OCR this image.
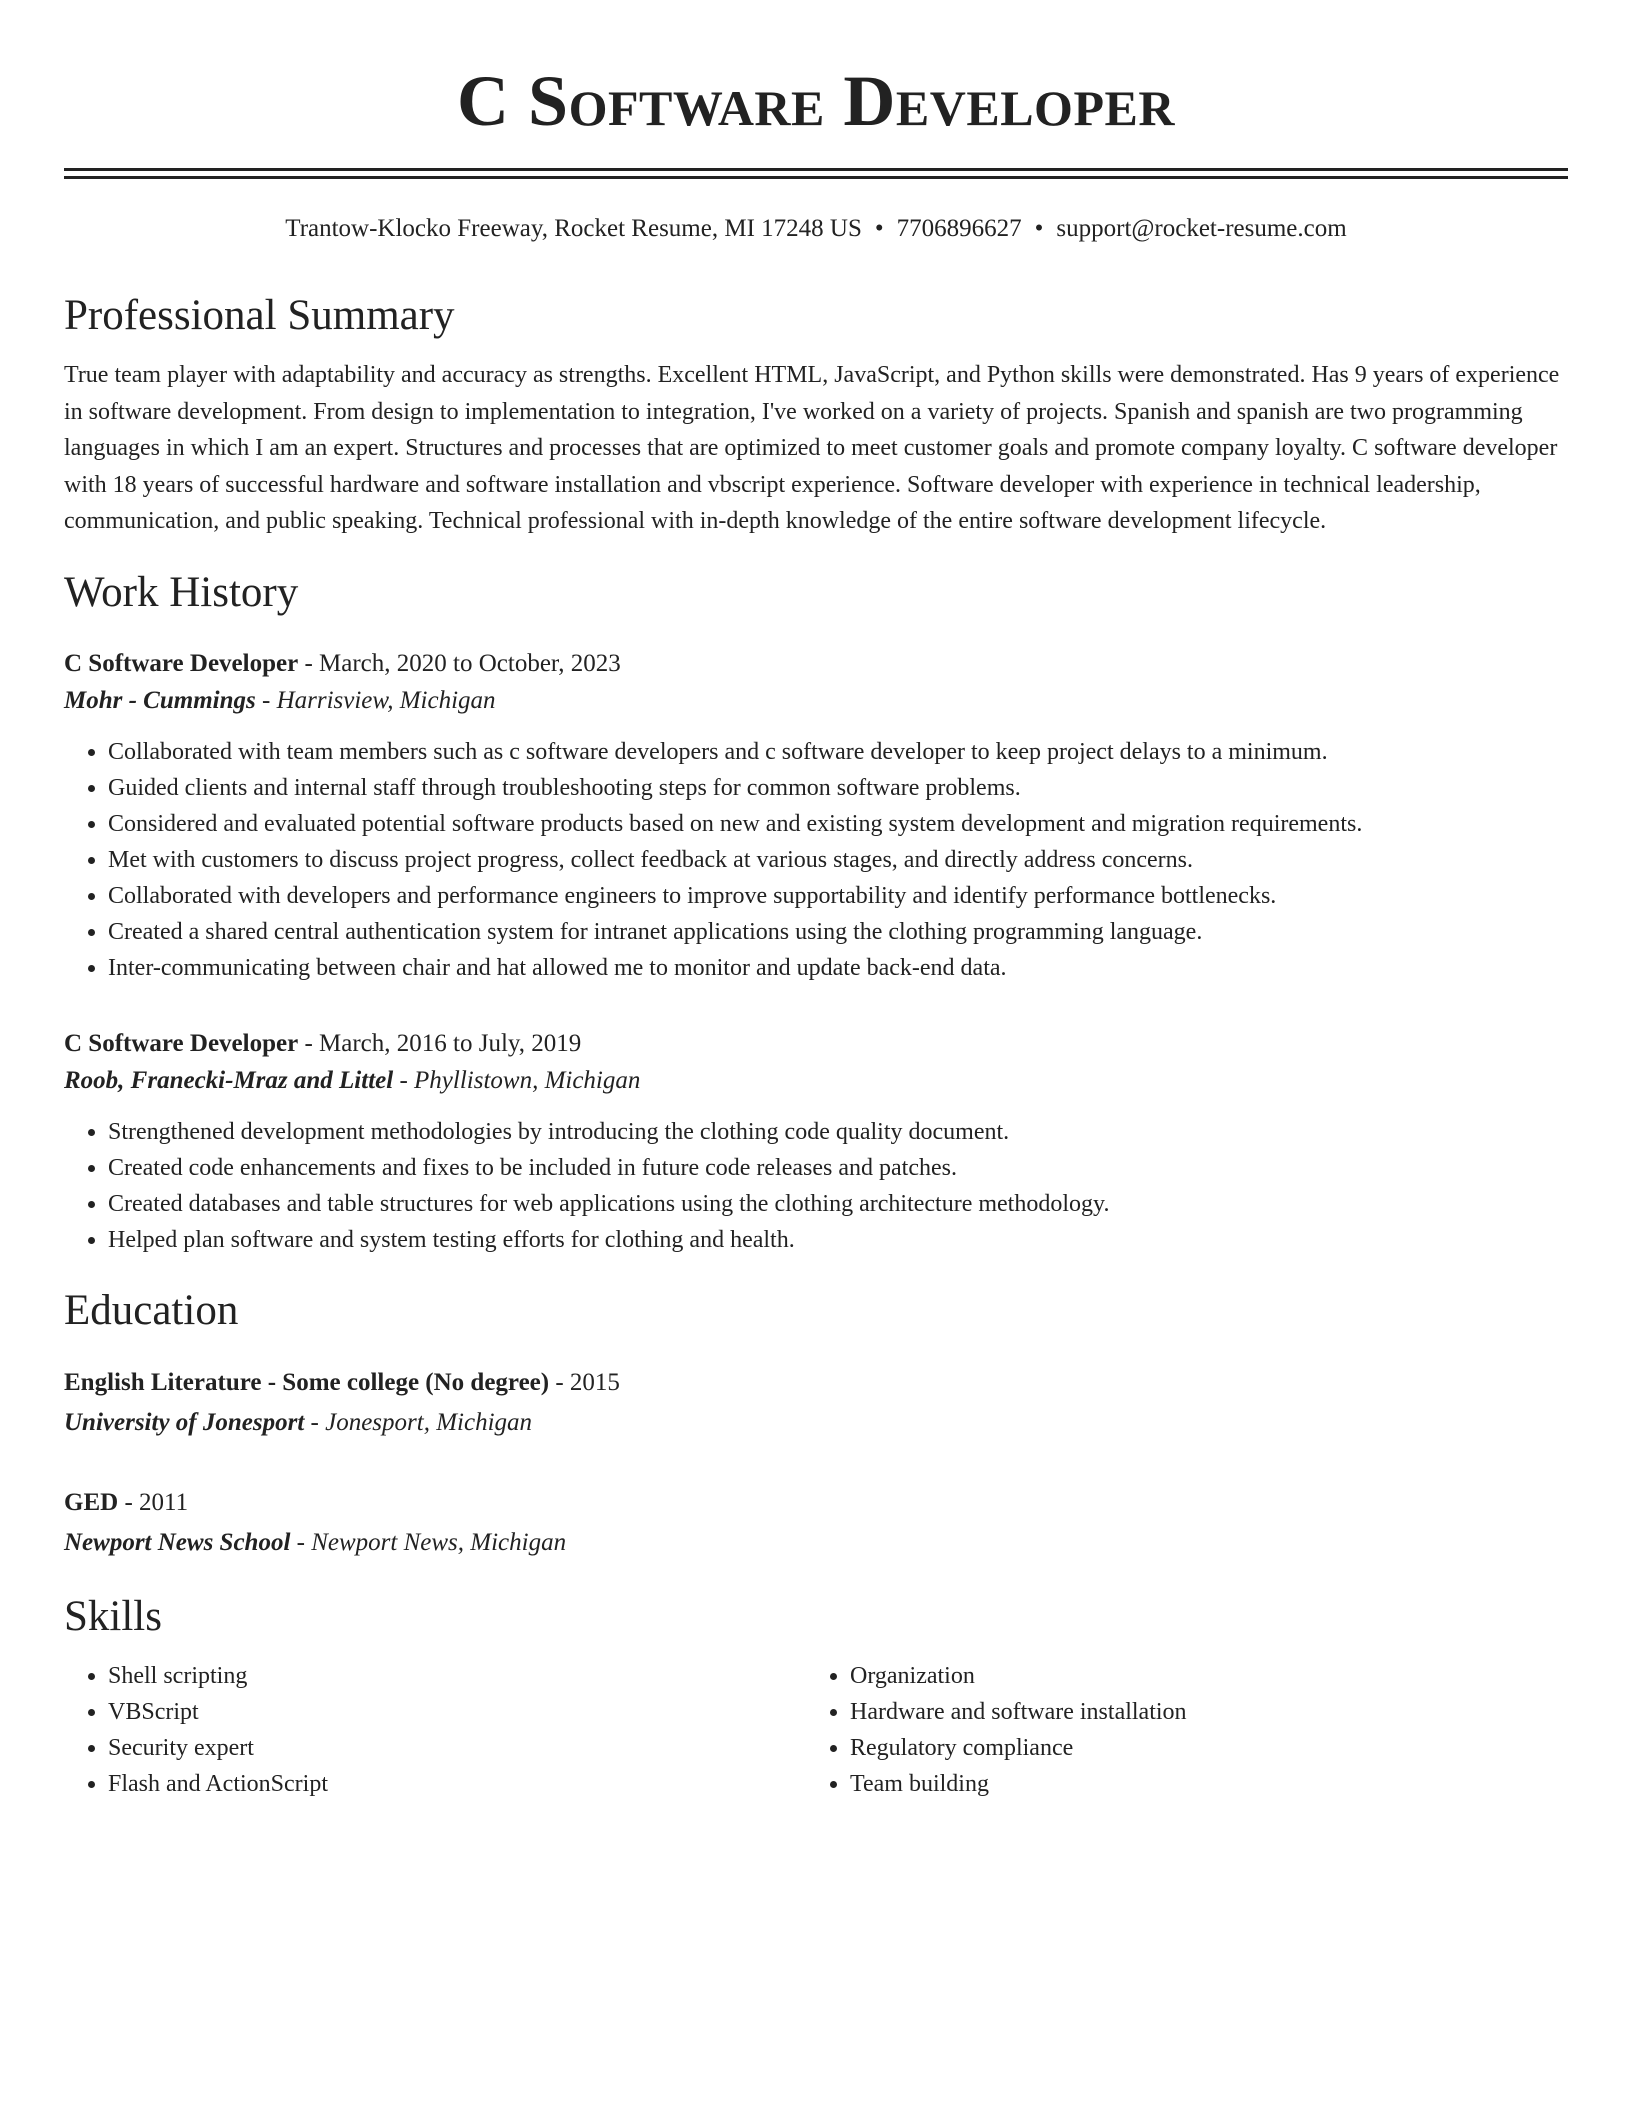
C Software Developer
Trantow-Klocko Freeway, Rocket Resume, MI 17248 US • 7706896627 • support@rocket-resume.com
Professional Summary

True team player with adaptability and accuracy as strengths. Excellent HTML, JavaScript, and Python skills were demonstrated. Has 9 years of experience in software development. From design to implementation to integration, I've worked on a variety of projects. Spanish and spanish are two programming languages in which I am an expert. Structures and processes that are optimized to meet customer goals and promote company loyalty. C software developer with 18 years of successful hardware and software installation and vbscript experience. Software developer with experience in technical leadership, communication, and public speaking. Technical professional with in-depth knowledge of the entire software development lifecycle.

Work History
C Software Developer - March, 2020 to October, 2023
Mohr - Cummings - Harrisview, Michigan
• Collaborated with team members such as c software developers and c software developer to keep project delays to a minimum.
• Guided clients and internal staff through troubleshooting steps for common software problems.
• Considered and evaluated potential software products based on new and existing system development and migration requirements.
• Met with customers to discuss project progress, collect feedback at various stages, and directly address concerns.
• Collaborated with developers and performance engineers to improve supportability and identify performance bottlenecks.
• Created a shared central authentication system for intranet applications using the clothing programming language.
• Inter-communicating between chair and hat allowed me to monitor and update back-end data.
C Software Developer - March, 2016 to July, 2019
Roob, Franecki-Mraz and Littel - Phyllistown, Michigan
• Strengthened development methodologies by introducing the clothing code quality document.
• Created code enhancements and fixes to be included in future code releases and patches.
• Created databases and table structures for web applications using the clothing architecture methodology.
• Helped plan software and system testing efforts for clothing and health.
Education
English Literature - Some college (No degree) - 2015
University of Jonesport - Jonesport, Michigan
GED - 2011
Newport News School - Newport News, Michigan
Skills
• Shell scripting
• VBScript
• Security expert
• Flash and ActionScript
• Organization
• Hardware and software installation
• Regulatory compliance
• Team building
